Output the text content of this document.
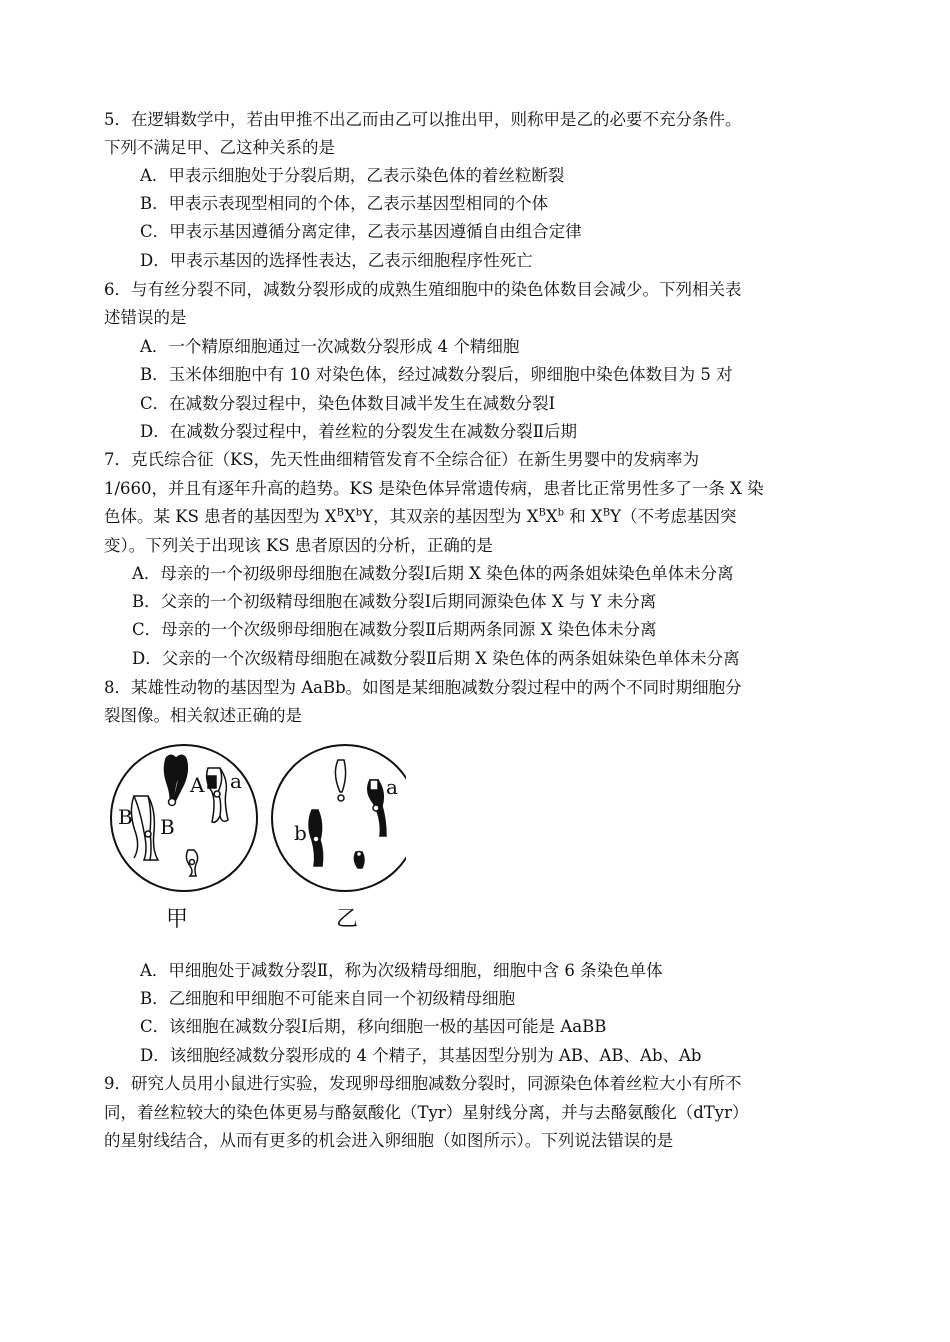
5．在逻辑数学中，若由甲推不出乙而由乙可以推出甲，则称甲是乙的必要不充分条件。
下列不满足甲、乙这种关系的是
A．甲表示细胞处于分裂后期，乙表示染色体的着丝粒断裂
B．甲表示表现型相同的个体，乙表示基因型相同的个体
C．甲表示基因遵循分离定律，乙表示基因遵循自由组合定律
D．甲表示基因的选择性表达，乙表示细胞程序性死亡
6．与有丝分裂不同，减数分裂形成的成熟生殖细胞中的染色体数目会减少。下列相关表
述错误的是
A．一个精原细胞通过一次减数分裂形成 4 个精细胞
B．玉米体细胞中有 10 对染色体，经过减数分裂后，卵细胞中染色体数目为 5 对
C．在减数分裂过程中，染色体数目减半发生在减数分裂Ⅰ
D．在减数分裂过程中，着丝粒的分裂发生在减数分裂Ⅱ后期
7．克氏综合征（KS，先天性曲细精管发育不全综合征）在新生男婴中的发病率为
1/660，并且有逐年升高的趋势。KS 是染色体异常遗传病，患者比正常男性多了一条 X 染
色体。某 KS 患者的基因型为 $X^BX^bY$，其双亲的基因型为 $X^BX^b$ 和 $X^BY$（不考虑基因突
变）。下列关于出现该 KS 患者原因的分析，正确的是
A．母亲的一个初级卵母细胞在减数分裂Ⅰ后期 X 染色体的两条姐妹染色单体未分离
B．父亲的一个初级精母细胞在减数分裂Ⅰ后期同源染色体 X 与 Y 未分离
C．母亲的一个次级卵母细胞在减数分裂Ⅱ后期两条同源 X 染色体未分离
D．父亲的一个次级精母细胞在减数分裂Ⅱ后期 X 染色体的两条姐妹染色单体未分离
8．某雄性动物的基因型为 AaBb。如图是某细胞减数分裂过程中的两个不同时期细胞分
裂图像。相关叙述正确的是
A a
B B
甲
a
b
乙
A．甲细胞处于减数分裂Ⅱ，称为次级精母细胞，细胞中含 6 条染色单体
B．乙细胞和甲细胞不可能来自同一个初级精母细胞
C．该细胞在减数分裂Ⅰ后期，移向细胞一极的基因可能是 AaBB
D．该细胞经减数分裂形成的 4 个精子，其基因型分别为 AB、AB、Ab、Ab
9．研究人员用小鼠进行实验，发现卵母细胞减数分裂时，同源染色体着丝粒大小有所不
同，着丝粒较大的染色体更易与酪氨酸化（Tyr）星射线分离，并与去酪氨酸化（dTyr）
的星射线结合，从而有更多的机会进入卵细胞（如图所示）。下列说法错误的是
